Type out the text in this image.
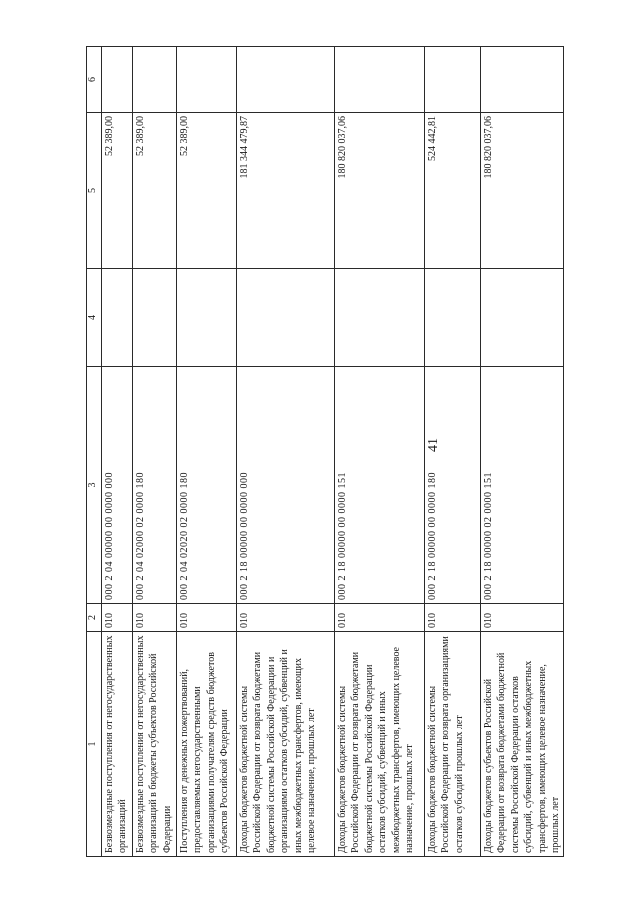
41
1	2	3	4	5	6
Безвозмездные поступления от негосударственных организаций	010	000 2 04 00000 00 0000 000		52 389,00	
Безвозмездные поступления от негосударственных организаций в бюджеты субъектов Российской Федерации	010	000 2 04 02000 02 0000 180		52 389,00	
Поступления от денежных пожертвований, предоставляемых негосударственными организациями получателям средств бюджетов субъектов Российской Федерации	010	000 2 04 02020 02 0000 180		52 389,00	
Доходы бюджетов бюджетной системы Российской Федерации от возврата бюджетами бюджетной системы Российской Федерации и организациями остатков субсидий, субвенций и иных межбюджетных трансфертов, имеющих целевое назначение, прошлых лет	010	000 2 18 00000 00 0000 000		181 344 479,87	
Доходы бюджетов бюджетной системы Российской Федерации от возврата бюджетами бюджетной системы Российской Федерации остатков субсидий, субвенций и иных межбюджетных трансфертов, имеющих целевое назначение, прошлых лет	010	000 2 18 00000 00 0000 151		180 820 037,06	
Доходы бюджетов бюджетной системы Российской Федерации от возврата организациями остатков субсидий прошлых лет	010	000 2 18 00000 00 0000 180		524 442,81	
Доходы бюджетов субъектов Российской Федерации от возврата бюджетами бюджетной системы Российской Федерации остатков субсидий, субвенций и иных межбюджетных трансфертов, имеющих целевое назначение, прошлых лет	010	000 2 18 00000 02 0000 151		180 820 037,06	
